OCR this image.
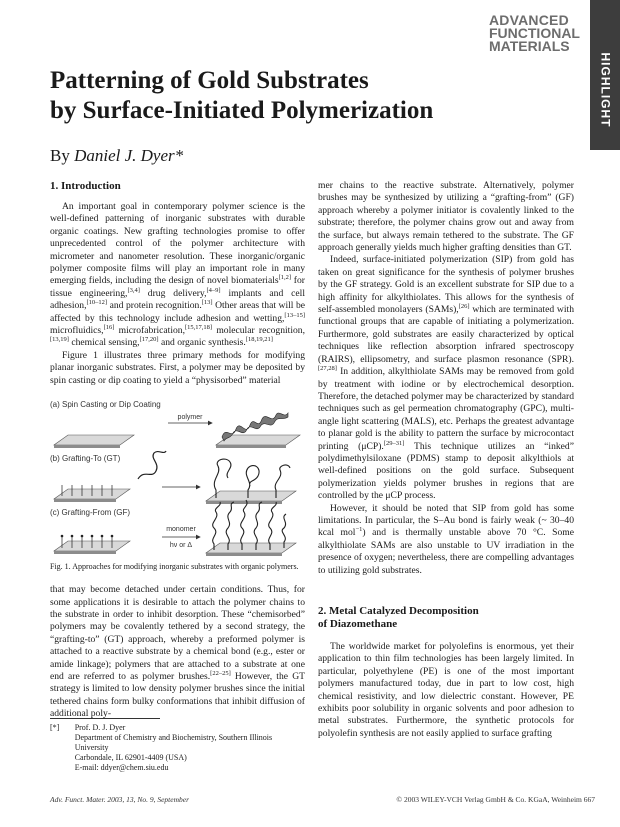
ADVANCED
FUNCTIONAL
MATERIALS
HIGHLIGHT
Patterning of Gold Substrates
by Surface-Initiated Polymerization
By Daniel J. Dyer*
1. Introduction

An important goal in contemporary polymer science is the well-defined patterning of inorganic substrates with durable organic coatings. New grafting technologies promise to offer unprecedented control of the polymer architecture with micrometer and nanometer resolution. These inorganic/organic polymer composite films will play an important role in many emerging fields, including the design of novel biomaterials[1,2] for tissue engineering,[3,4] drug delivery,[4–9] implants and cell adhesion,[10–12] and protein recognition.[13] Other areas that will be affected by this technology include adhesion and wetting,[13–15] microfluidics,[16] microfabrication,[15,17,18] molecular recognition,[13,19] chemical sensing,[17,20] and organic synthesis.[18,19,21]

Figure 1 illustrates three primary methods for modifying planar inorganic substrates. First, a polymer may be deposited by spin casting or dip coating to yield a “physisorbed” material

(a) Spin Casting or Dip Coating
(b) Grafting-To (GT)
(c) Grafting-From (GF)
polymer
monomer
hν or Δ
Fig. 1. Approaches for modifying inorganic substrates with organic polymers.

that may become detached under certain conditions. Thus, for some applications it is desirable to attach the polymer chains to the substrate in order to inhibit desorption. These “chemisorbed” polymers may be covalently tethered by a second strategy, the “grafting-to” (GT) approach, whereby a preformed polymer is attached to a reactive substrate by a chemical bond (e.g., ester or amide linkage); polymers that are attached to a substrate at one end are referred to as polymer brushes.[22–25] However, the GT strategy is limited to low density polymer brushes since the initial tethered chains form bulky conformations that inhibit diffusion of additional poly-

mer chains to the reactive substrate. Alternatively, polymer brushes may be synthesized by utilizing a “grafting-from” (GF) approach whereby a polymer initiator is covalently linked to the substrate; therefore, the polymer chains grow out and away from the surface, but always remain tethered to the substrate. The GF approach generally yields much higher grafting densities than GT.

Indeed, surface-initiated polymerization (SIP) from gold has taken on great significance for the synthesis of polymer brushes by the GF strategy. Gold is an excellent substrate for SIP due to a high affinity for alkylthiolates. This allows for the synthesis of self-assembled monolayers (SAMs),[26] which are terminated with functional groups that are capable of initiating a polymerization. Furthermore, gold substrates are easily characterized by optical techniques like reflection absorption infrared spectroscopy (RAIRS), ellipsometry, and surface plasmon resonance (SPR).[27,28] In addition, alkylthiolate SAMs may be removed from gold by treatment with iodine or by electrochemical desorption. Therefore, the detached polymer may be characterized by standard techniques such as gel permeation chromatography (GPC), multi-angle light scattering (MALS), etc. Perhaps the greatest advantage to planar gold is the ability to pattern the surface by microcontact printing (μCP).[29–31] This technique utilizes an “inked” polydimethylsiloxane (PDMS) stamp to deposit alkylthiols at well-defined positions on the gold surface. Subsequent polymerization yields polymer brushes in regions that are controlled by the μCP process.

However, it should be noted that SIP from gold has some limitations. In particular, the S–Au bond is fairly weak (~ 30–40 kcal mol$^{-1}$) and is thermally unstable above 70 °C. Some alkylthiolate SAMs are also unstable to UV irradiation in the presence of oxygen; nevertheless, there are compelling advantages to utilizing gold substrates.

2. Metal Catalyzed Decomposition
of Diazomethane

The worldwide market for polyolefins is enormous, yet their application to thin film technologies has been largely limited. In particular, polyethylene (PE) is one of the most important polymers manufactured today, due in part to low cost, high chemical resistivity, and low dielectric constant. However, PE exhibits poor solubility in organic solvents and poor adhesion to metal substrates. Furthermore, the synthetic protocols for polyolefin synthesis are not easily applied to surface grafting

[*]	Prof. D. J. Dyer
Department of Chemistry and Biochemistry, Southern Illinois University
Carbondale, IL 62901-4409 (USA)
E-mail: ddyer@chem.siu.edu
Adv. Funct. Mater. 2003, 13, No. 9, September	© 2003 WILEY-VCH Verlag GmbH & Co. KGaA, Weinheim 667
